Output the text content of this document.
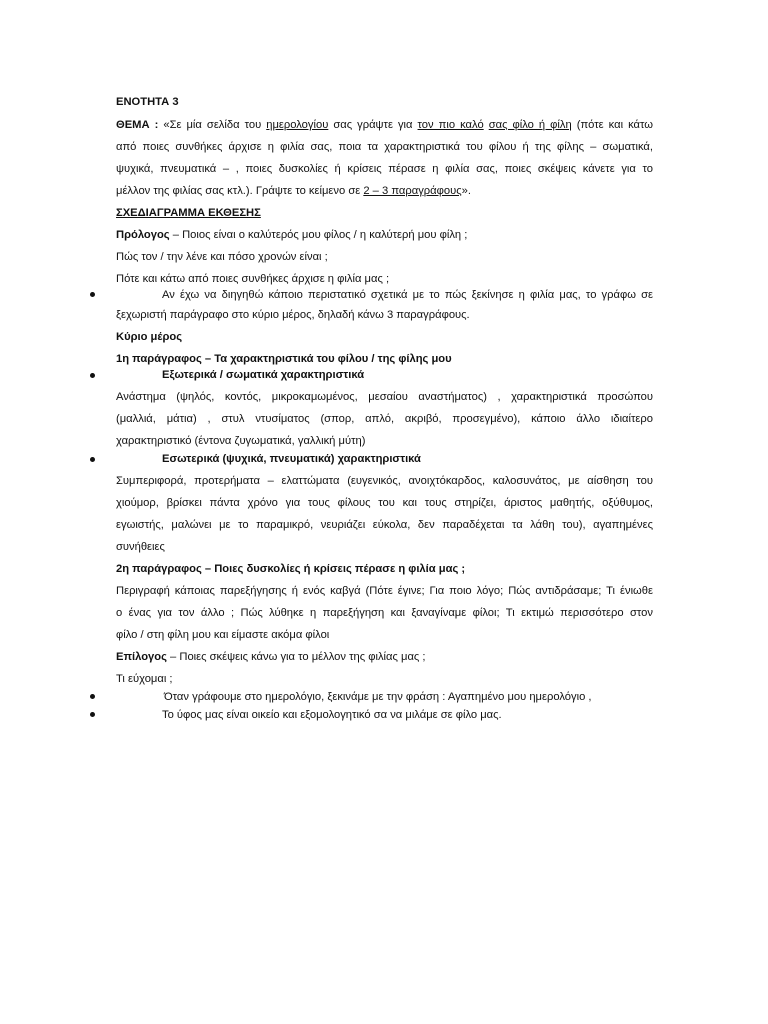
ΕΝΟΤΗΤΑ 3
ΘΕΜΑ : «Σε μία σελίδα του ημερολογίου σας γράψτε για τον πιο καλό σας φίλο ή φίλη (πότε και κάτω
από ποιες συνθήκες άρχισε η φιλία σας, ποια τα χαρακτηριστικά του φίλου ή της φίλης – σωματικά,
ψυχικά, πνευματικά – , ποιες δυσκολίες ή κρίσεις πέρασε η φιλία σας, ποιες σκέψεις κάνετε για το
μέλλον της φιλίας σας κτλ.). Γράψτε το κείμενο σε 2 – 3 παραγράφους».
ΣΧΕΔΙΑΓΡΑΜΜΑ ΕΚΘΕΣΗΣ
Πρόλογος – Ποιος είναι ο καλύτερός μου φίλος / η καλύτερή μου φίλη ;
Πώς τον / την λένε και πόσο χρονών είναι ;
Πότε και κάτω από ποιες συνθήκες άρχισε η φιλία μας ;
Αν έχω να διηγηθώ κάποιο περιστατικό σχετικά με το πώς ξεκίνησε η φιλία μας, το γράφω σε
ξεχωριστή παράγραφο στο κύριο μέρος, δηλαδή κάνω 3 παραγράφους.
Κύριο μέρος
1η παράγραφος – Τα χαρακτηριστικά του φίλου / της φίλης μου
Εξωτερικά / σωματικά χαρακτηριστικά
Ανάστημα (ψηλός, κοντός, μικροκαμωμένος, μεσαίου αναστήματος) , χαρακτηριστικά προσώπου
(μαλλιά, μάτια) , στυλ ντυσίματος (σπορ, απλό, ακριβό, προσεγμένο), κάποιο άλλο ιδιαίτερο
χαρακτηριστικό (έντονα ζυγωματικά, γαλλική μύτη)
Εσωτερικά (ψυχικά, πνευματικά) χαρακτηριστικά
Συμπεριφορά, προτερήματα – ελαττώματα (ευγενικός, ανοιχτόκαρδος, καλοσυνάτος, με αίσθηση του
χιούμορ, βρίσκει πάντα χρόνο για τους φίλους του και τους στηρίζει, άριστος μαθητής, οξύθυμος,
εγωιστής, μαλώνει με το παραμικρό, νευριάζει εύκολα, δεν παραδέχεται τα λάθη του), αγαπημένες
συνήθειες
2η παράγραφος – Ποιες δυσκολίες ή κρίσεις πέρασε η φιλία μας ;
Περιγραφή κάποιας παρεξήγησης ή ενός καβγά (Πότε έγινε; Για ποιο λόγο; Πώς αντιδράσαμε; Τι ένιωθε
ο ένας για τον άλλο ; Πώς λύθηκε η παρεξήγηση και ξαναγίναμε φίλοι; Τι εκτιμώ περισσότερο στον
φίλο / στη φίλη μου και είμαστε ακόμα φίλοι
Επίλογος – Ποιες σκέψεις κάνω για το μέλλον της φιλίας μας ;
Τι εύχομαι ;
Όταν γράφουμε στο ημερολόγιο, ξεκινάμε με την φράση : Αγαπημένο μου ημερολόγιο ,
Το ύφος μας είναι οικείο και εξομολογητικό σα να μιλάμε σε φίλο μας.
